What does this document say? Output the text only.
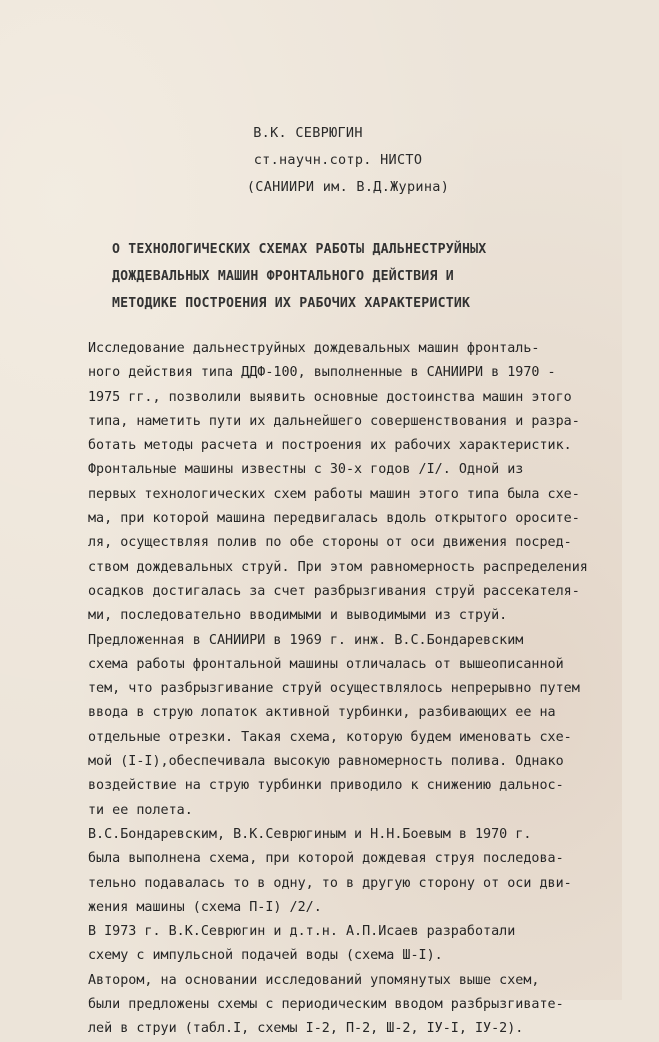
В.К. СЕВРЮГИН
ст.научн.сотр. НИСТО
(САНИИРИ им. В.Д.Журина)
О ТЕХНОЛОГИЧЕСКИХ СХЕМАХ РАБОТЫ ДАЛЬНЕСТРУЙНЫХ
ДОЖДЕВАЛЬНЫХ МАШИН ФРОНТАЛЬНОГО ДЕЙСТВИЯ И
МЕТОДИКЕ ПОСТРОЕНИЯ ИХ РАБОЧИХ ХАРАКТЕРИСТИК
Исследование дальнеструйных дождевальных машин фронталь-
ного действия типа ДДФ-100, выполненные в САНИИРИ в 1970 -
1975 гг., позволили выявить основные достоинства машин этого
типа, наметить пути их дальнейшего совершенствования и разра-
ботать методы расчета и построения их рабочих характеристик.
Фронтальные машины известны с 30-х годов /I/. Одной из
первых технологических схем работы машин этого типа была схе-
ма, при которой машина передвигалась вдоль открытого оросите-
ля, осуществляя полив по обе стороны от оси движения посред-
ством дождевальных струй. При этом равномерность распределения
осадков достигалась за счет разбрызгивания струй рассекателя-
ми, последовательно вводимыми и выводимыми из струй.
Предложенная в САНИИРИ в 1969 г. инж. В.С.Бондаревским
схема работы фронтальной машины отличалась от вышеописанной
тем, что разбрызгивание струй осуществлялось непрерывно путем
ввода в струю лопаток активной турбинки, разбивающих ее на
отдельные отрезки. Такая схема, которую будем именовать схе-
мой (I-I),обеспечивала высокую равномерность полива. Однако
воздействие на струю турбинки приводило к снижению дальнос-
ти ее полета.
В.С.Бондаревским, В.К.Севрюгиным и Н.Н.Боевым в 1970 г.
была выполнена схема, при которой дождевая струя последова-
тельно подавалась то в одну, то в другую сторону от оси дви-
жения машины (схема П-I) /2/.
В I973 г. В.К.Севрюгин и д.т.н. А.П.Исаев разработали
схему с импульсной подачей воды (схема Ш-I).
Автором, на основании исследований упомянутых выше схем,
были предложены схемы с периодическим вводом разбрызгивате-
лей в струи (табл.I, схемы I-2, П-2, Ш-2, IУ-I, IУ-2).
